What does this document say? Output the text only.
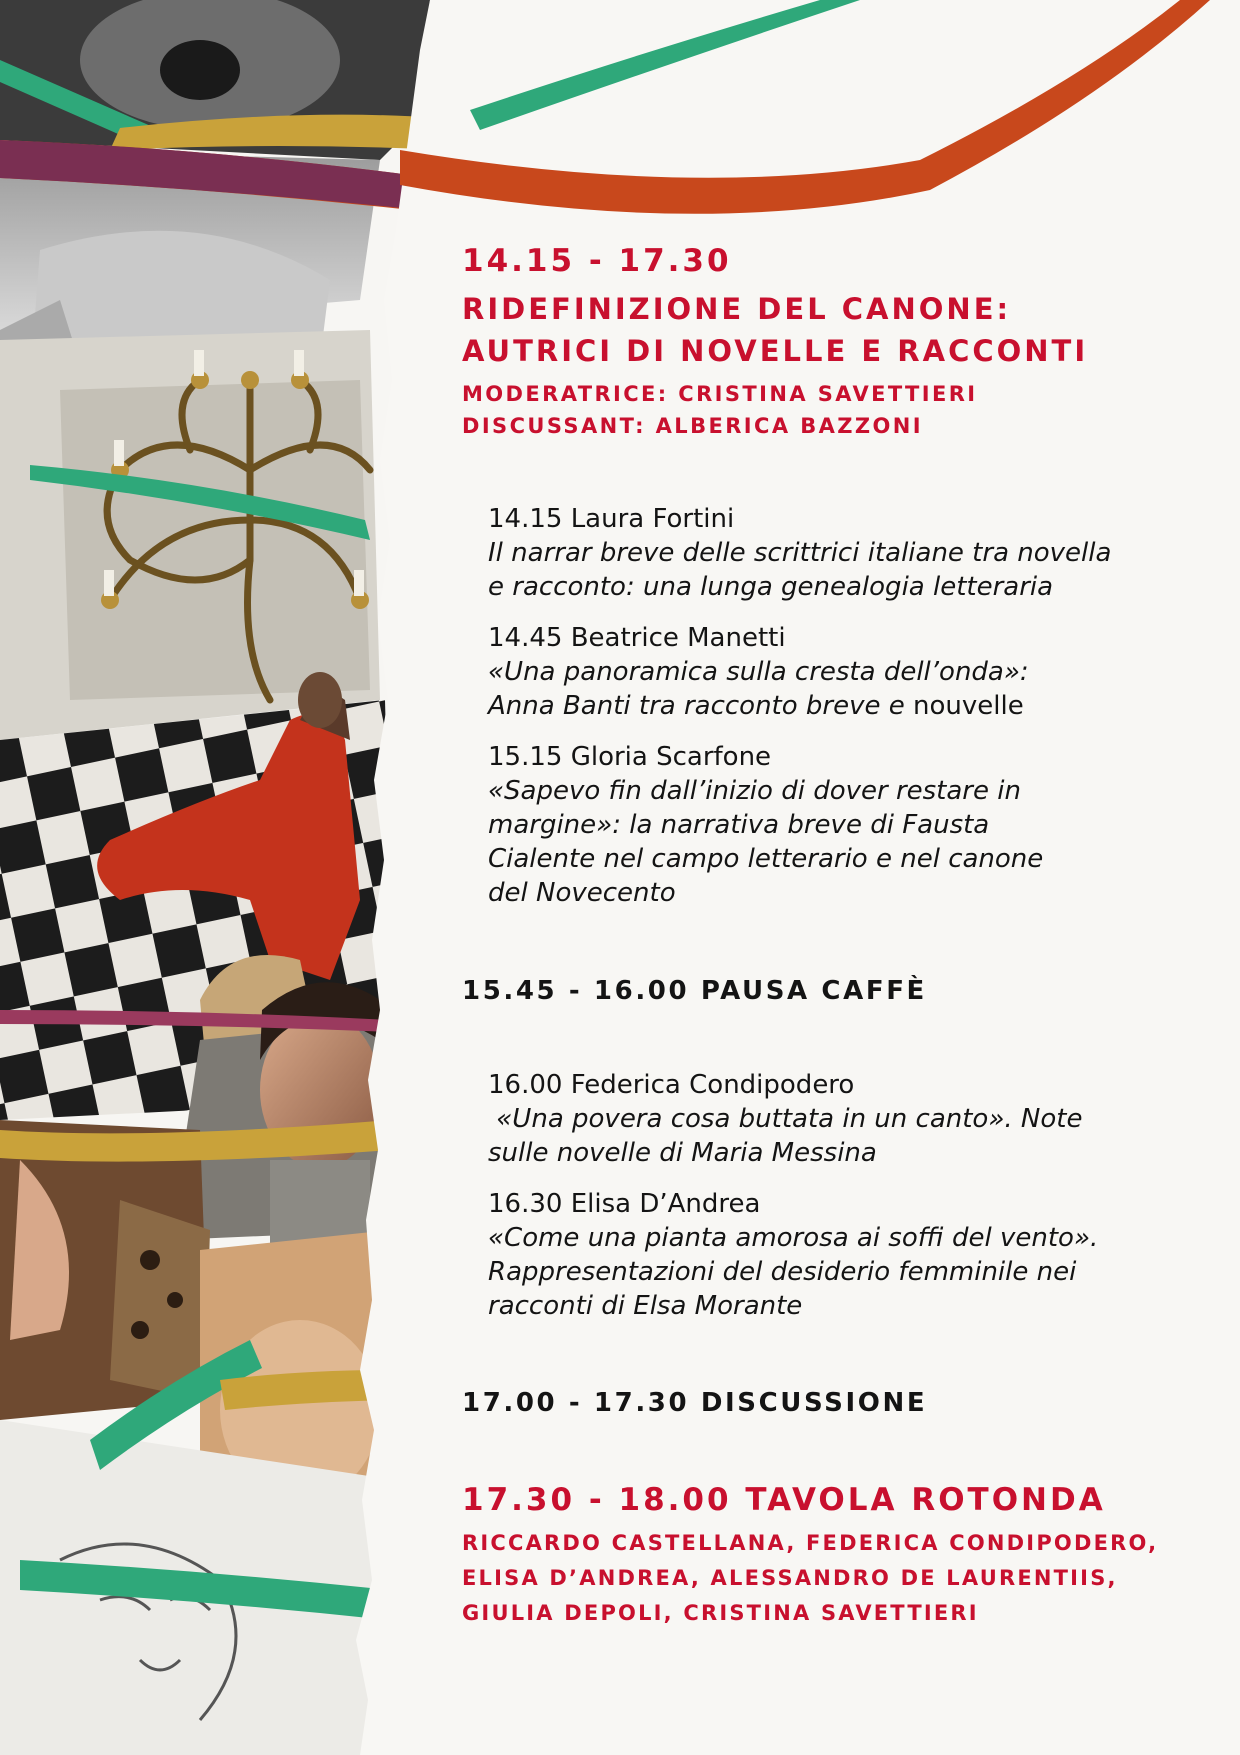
14.15 - 17.30
RIDEFINIZIONE DEL CANONE:
AUTRICI DI NOVELLE E RACCONTI
MODERATRICE: CRISTINA SAVETTIERI
DISCUSSANT: ALBERICA BAZZONI
14.15 Laura Fortini
Il narrar breve delle scrittrici italiane tra novella
e racconto: una lunga genealogia letteraria
14.45 Beatrice Manetti
«Una panoramica sulla cresta dell’onda»:
Anna Banti tra racconto breve e nouvelle
15.15 Gloria Scarfone
«Sapevo fin dall’inizio di dover restare in
margine»: la narrativa breve di Fausta
Cialente nel campo letterario e nel canone
del Novecento
15.45 - 16.00 PAUSA CAFFÈ
16.00 Federica Condipodero
«Una povera cosa buttata in un canto». Note
sulle novelle di Maria Messina
16.30 Elisa D’Andrea
«Come una pianta amorosa ai soffi del vento».
Rappresentazioni del desiderio femminile nei
racconti di Elsa Morante
17.00 - 17.30 DISCUSSIONE
17.30 - 18.00 TAVOLA ROTONDA
RICCARDO CASTELLANA, FEDERICA CONDIPODERO,
ELISA D’ANDREA, ALESSANDRO DE LAURENTIIS,
GIULIA DEPOLI, CRISTINA SAVETTIERI
